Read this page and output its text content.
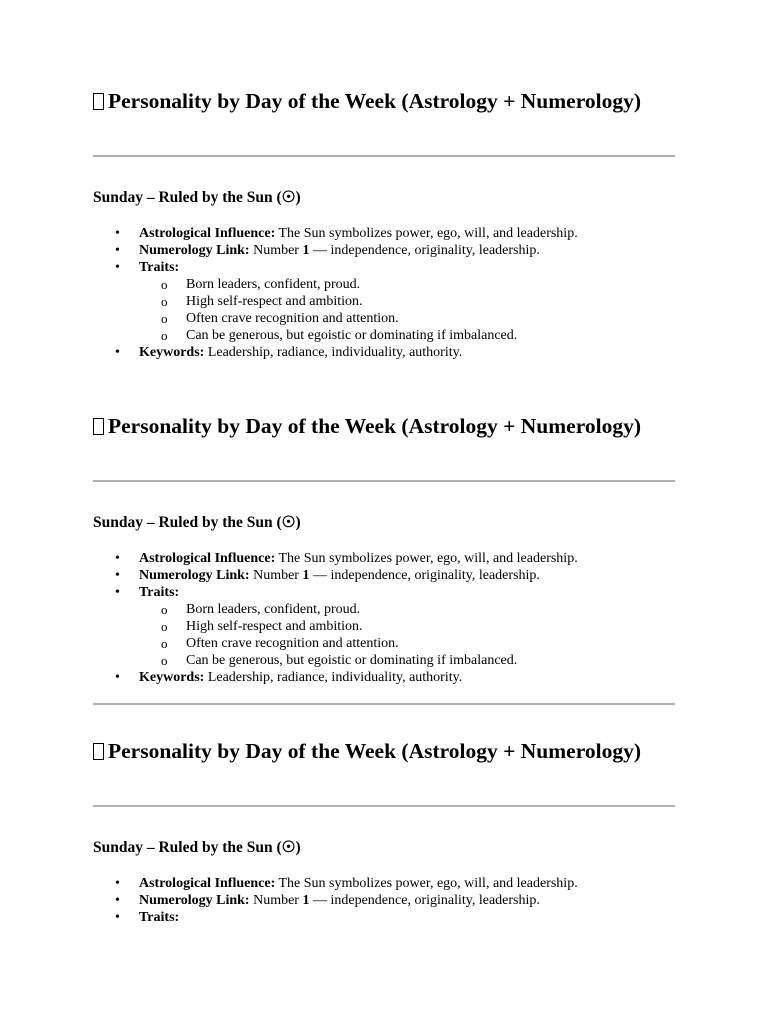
Personality by Day of the Week (Astrology + Numerology)
Sunday – Ruled by the Sun (☉)
• Astrological Influence: The Sun symbolizes power, ego, will, and leadership.
• Numerology Link: Number 1 — independence, originality, leadership.
• Traits:
o Born leaders, confident, proud.
o High self-respect and ambition.
o Often crave recognition and attention.
o Can be generous, but egoistic or dominating if imbalanced.
• Keywords: Leadership, radiance, individuality, authority.
Personality by Day of the Week (Astrology + Numerology)
Sunday – Ruled by the Sun (☉)
• Astrological Influence: The Sun symbolizes power, ego, will, and leadership.
• Numerology Link: Number 1 — independence, originality, leadership.
• Traits:
o Born leaders, confident, proud.
o High self-respect and ambition.
o Often crave recognition and attention.
o Can be generous, but egoistic or dominating if imbalanced.
• Keywords: Leadership, radiance, individuality, authority.
Personality by Day of the Week (Astrology + Numerology)
Sunday – Ruled by the Sun (☉)
• Astrological Influence: The Sun symbolizes power, ego, will, and leadership.
• Numerology Link: Number 1 — independence, originality, leadership.
• Traits:
